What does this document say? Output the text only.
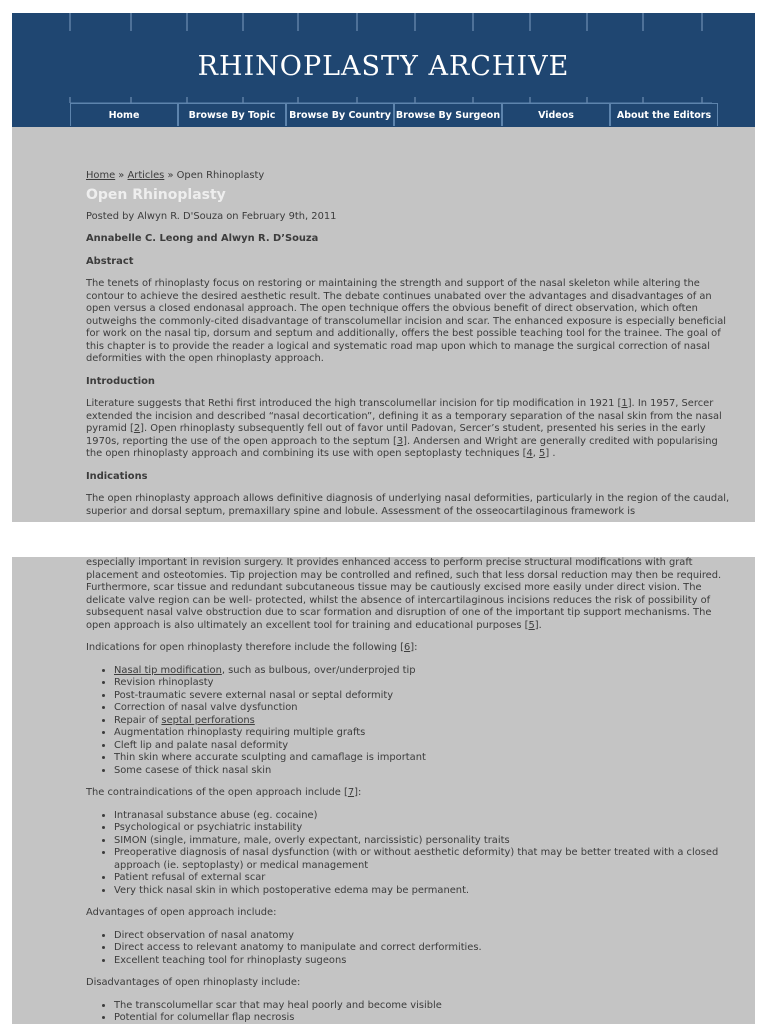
RHINOPLASTY ARCHIVE
Home	Browse By Topic	Browse By Country Browse By Surgeon	Videos	About the Editors
Home » Articles » Open Rhinoplasty
Open Rhinoplasty
Posted by Alwyn R. D'Souza on February 9th, 2011

Annabelle C. Leong and Alwyn R. D’Souza

Abstract

The tenets of rhinoplasty focus on restoring or maintaining the strength and support of the nasal skeleton while altering the contour to achieve the desired aesthetic result. The debate continues unabated over the advantages and disadvantages of an open versus a closed endonasal approach. The open technique offers the obvious benefit of direct observation, which often outweighs the commonly-cited disadvantage of transcolumellar incision and scar. The enhanced exposure is especially beneficial for work on the nasal tip, dorsum and septum and additionally, offers the best possible teaching tool for the trainee. The goal of this chapter is to provide the reader a logical and systematic road map upon which to manage the surgical correction of nasal deformities with the open rhinoplasty approach.

Introduction

Literature suggests that Rethi first introduced the high transcolumellar incision for tip modification in 1921 [1]. In 1957, Sercer extended the incision and described “nasal decortication”, defining it as a temporary separation of the nasal skin from the nasal pyramid [2]. Open rhinoplasty subsequently fell out of favor until Padovan, Sercer’s student, presented his series in the early 1970s, reporting the use of the open approach to the septum [3]. Andersen and Wright are generally credited with popularising the open rhinoplasty approach and combining its use with open septoplasty techniques [4, 5] .

Indications

The open rhinoplasty approach allows definitive diagnosis of underlying nasal deformities, particularly in the region of the caudal, superior and dorsal septum, premaxillary spine and lobule. Assessment of the osseocartilaginous framework is

especially important in revision surgery. It provides enhanced access to perform precise structural modifications with graft placement and osteotomies. Tip projection may be controlled and refined, such that less dorsal reduction may then be required. Furthermore, scar tissue and redundant subcutaneous tissue may be cautiously excised more easily under direct vision. The delicate valve region can be well- protected, whilst the absence of intercartilaginous incisions reduces the risk of possibility of subsequent nasal valve obstruction due to scar formation and disruption of one of the important tip support mechanisms. The open approach is also ultimately an excellent tool for training and educational purposes [5].

Indications for open rhinoplasty therefore include the following [6]:

• Nasal tip modification, such as bulbous, over/underprojed tip
• Revision rhinoplasty
• Post-traumatic severe external nasal or septal deformity
• Correction of nasal valve dysfunction
• Repair of septal perforations
• Augmentation rhinoplasty requiring multiple grafts
• Cleft lip and palate nasal deformity
• Thin skin where accurate sculpting and camaflage is important
• Some casese of thick nasal skin

The contraindications of the open approach include [7]:

• Intranasal substance abuse (eg. cocaine)
• Psychological or psychiatric instability
• SIMON (single, immature, male, overly expectant, narcissistic) personality traits
• Preoperative diagnosis of nasal dysfunction (with or without aesthetic deformity) that may be better treated with a closed approach (ie. septoplasty) or medical management
• Patient refusal of external scar
• Very thick nasal skin in which postoperative edema may be permanent.

Advantages of open approach include:

• Direct observation of nasal anatomy
• Direct access to relevant anatomy to manipulate and correct derformities.
• Excellent teaching tool for rhinoplasty sugeons

Disadvantages of open rhinoplasty include:

• The transcolumellar scar that may heal poorly and become visible
• Potential for columellar flap necrosis
